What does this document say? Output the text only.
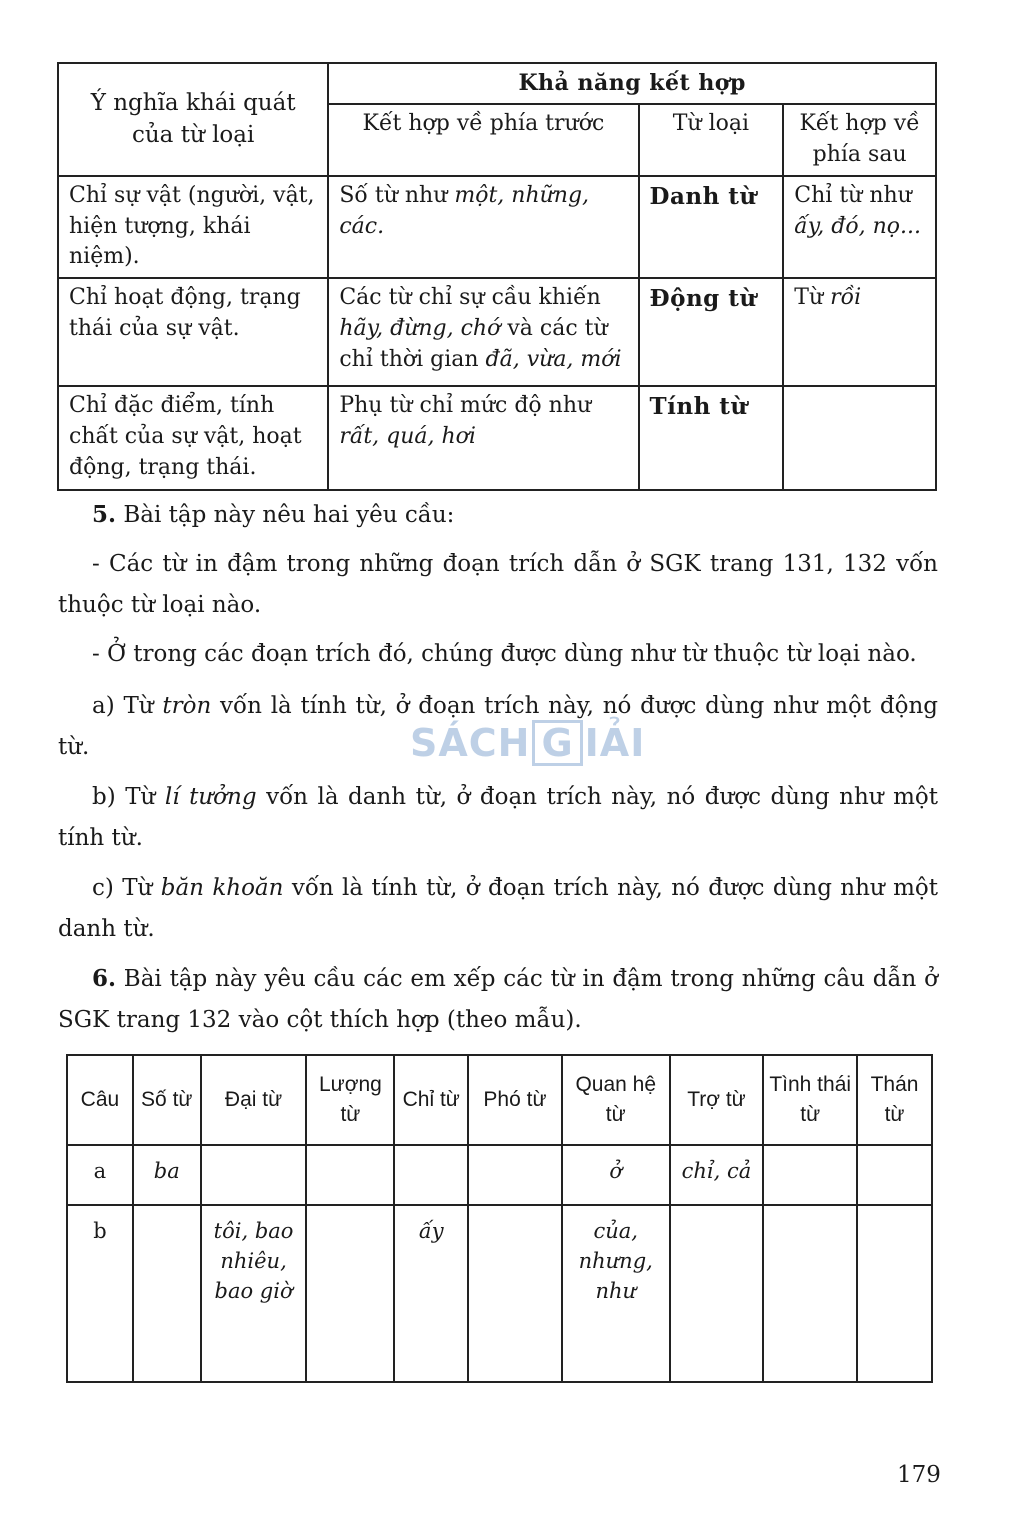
Ý nghĩa khái quát của từ loại	Khả năng kết hợp		
	Kết hợp về phía trước	Từ loại	Kết hợp về phía sau
Chỉ sự vật (người, vật, hiện tượng, khái niệm).	Số từ như một, những, các.	Danh từ	Chỉ từ như ấy, đó, nọ...
Chỉ hoạt động, trạng thái của sự vật.	Các từ chỉ sự cầu khiến hãy, đừng, chớ và các từ chỉ thời gian đã, vừa, mới	Động từ	Từ rồi
Chỉ đặc điểm, tính chất của sự vật, hoạt động, trạng thái.	Phụ từ chỉ mức độ như rất, quá, hơi	Tính từ	
5. Bài tập này nêu hai yêu cầu:
- Các từ in đậm trong những đoạn trích dẫn ở SGK trang 131, 132 vốn thuộc từ loại nào.
- Ở trong các đoạn trích đó, chúng được dùng như từ thuộc từ loại nào.
a) Từ tròn vốn là tính từ, ở đoạn trích này, nó được dùng như một động từ.
b) Từ lí tưởng vốn là danh từ, ở đoạn trích này, nó được dùng như một tính từ.
c) Từ băn khoăn vốn là tính từ, ở đoạn trích này, nó được dùng như một danh từ.
6. Bài tập này yêu cầu các em xếp các từ in đậm trong những câu dẫn ở SGK trang 132 vào cột thích hợp (theo mẫu).
SÁCH G IẢI
Câu	Số từ	Đại từ	Lượng từ	Chỉ từ	Phó từ	Quan hệ từ	Trợ từ	Tình thái từ	Thán từ
a	ba					ở	chỉ, cả		
b		tôi, bao nhiêu, bao giờ		ấy		của, nhưng, như			
179
